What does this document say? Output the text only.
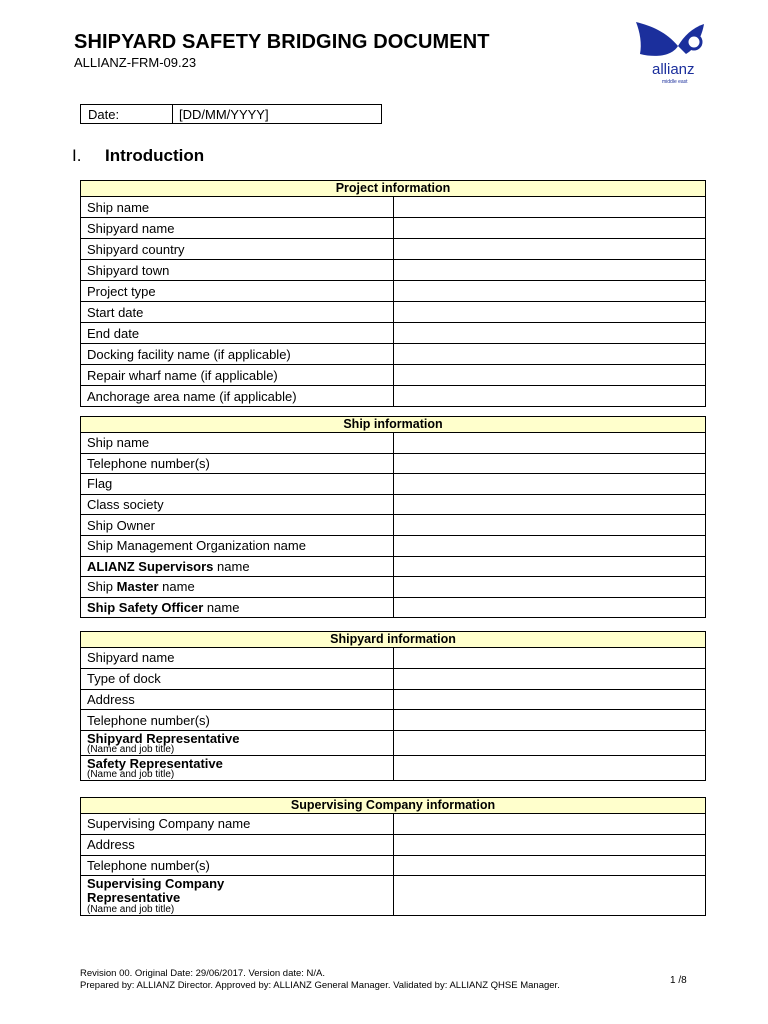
SHIPYARD SAFETY BRIDGING DOCUMENT
ALLIANZ-FRM-09.23	allianz
middle east
Date:	[DD/MM/YYYY]
I.	Introduction
Project information	
Ship name	
Shipyard name	
Shipyard country	
Shipyard town	
Project type	
Start date	
End date	
Docking facility name (if applicable)	
Repair wharf name (if applicable)	
Anchorage area name (if applicable)	
Ship information	
Ship name	
Telephone number(s)	
Flag	
Class society	
Ship Owner	
Ship Management Organization name	
ALIANZ Supervisors name	
Ship Master name	
Ship Safety Officer name	
Shipyard information	
Shipyard name	
Type of dock	
Address	
Telephone number(s)	

Shipyard Representative
(Name and job title)	

Safety Representative
(Name and job title)	

Supervising Company information	
Supervising Company name	
Address	
Telephone number(s)	

Supervising Company
Representative
(Name and job title)	

Revision 00. Original Date: 29/06/2017. Version date: N/A.
Prepared by: ALLIANZ Director. Approved by: ALLIANZ General Manager. Validated by: ALLIANZ QHSE Manager.	1 /8
